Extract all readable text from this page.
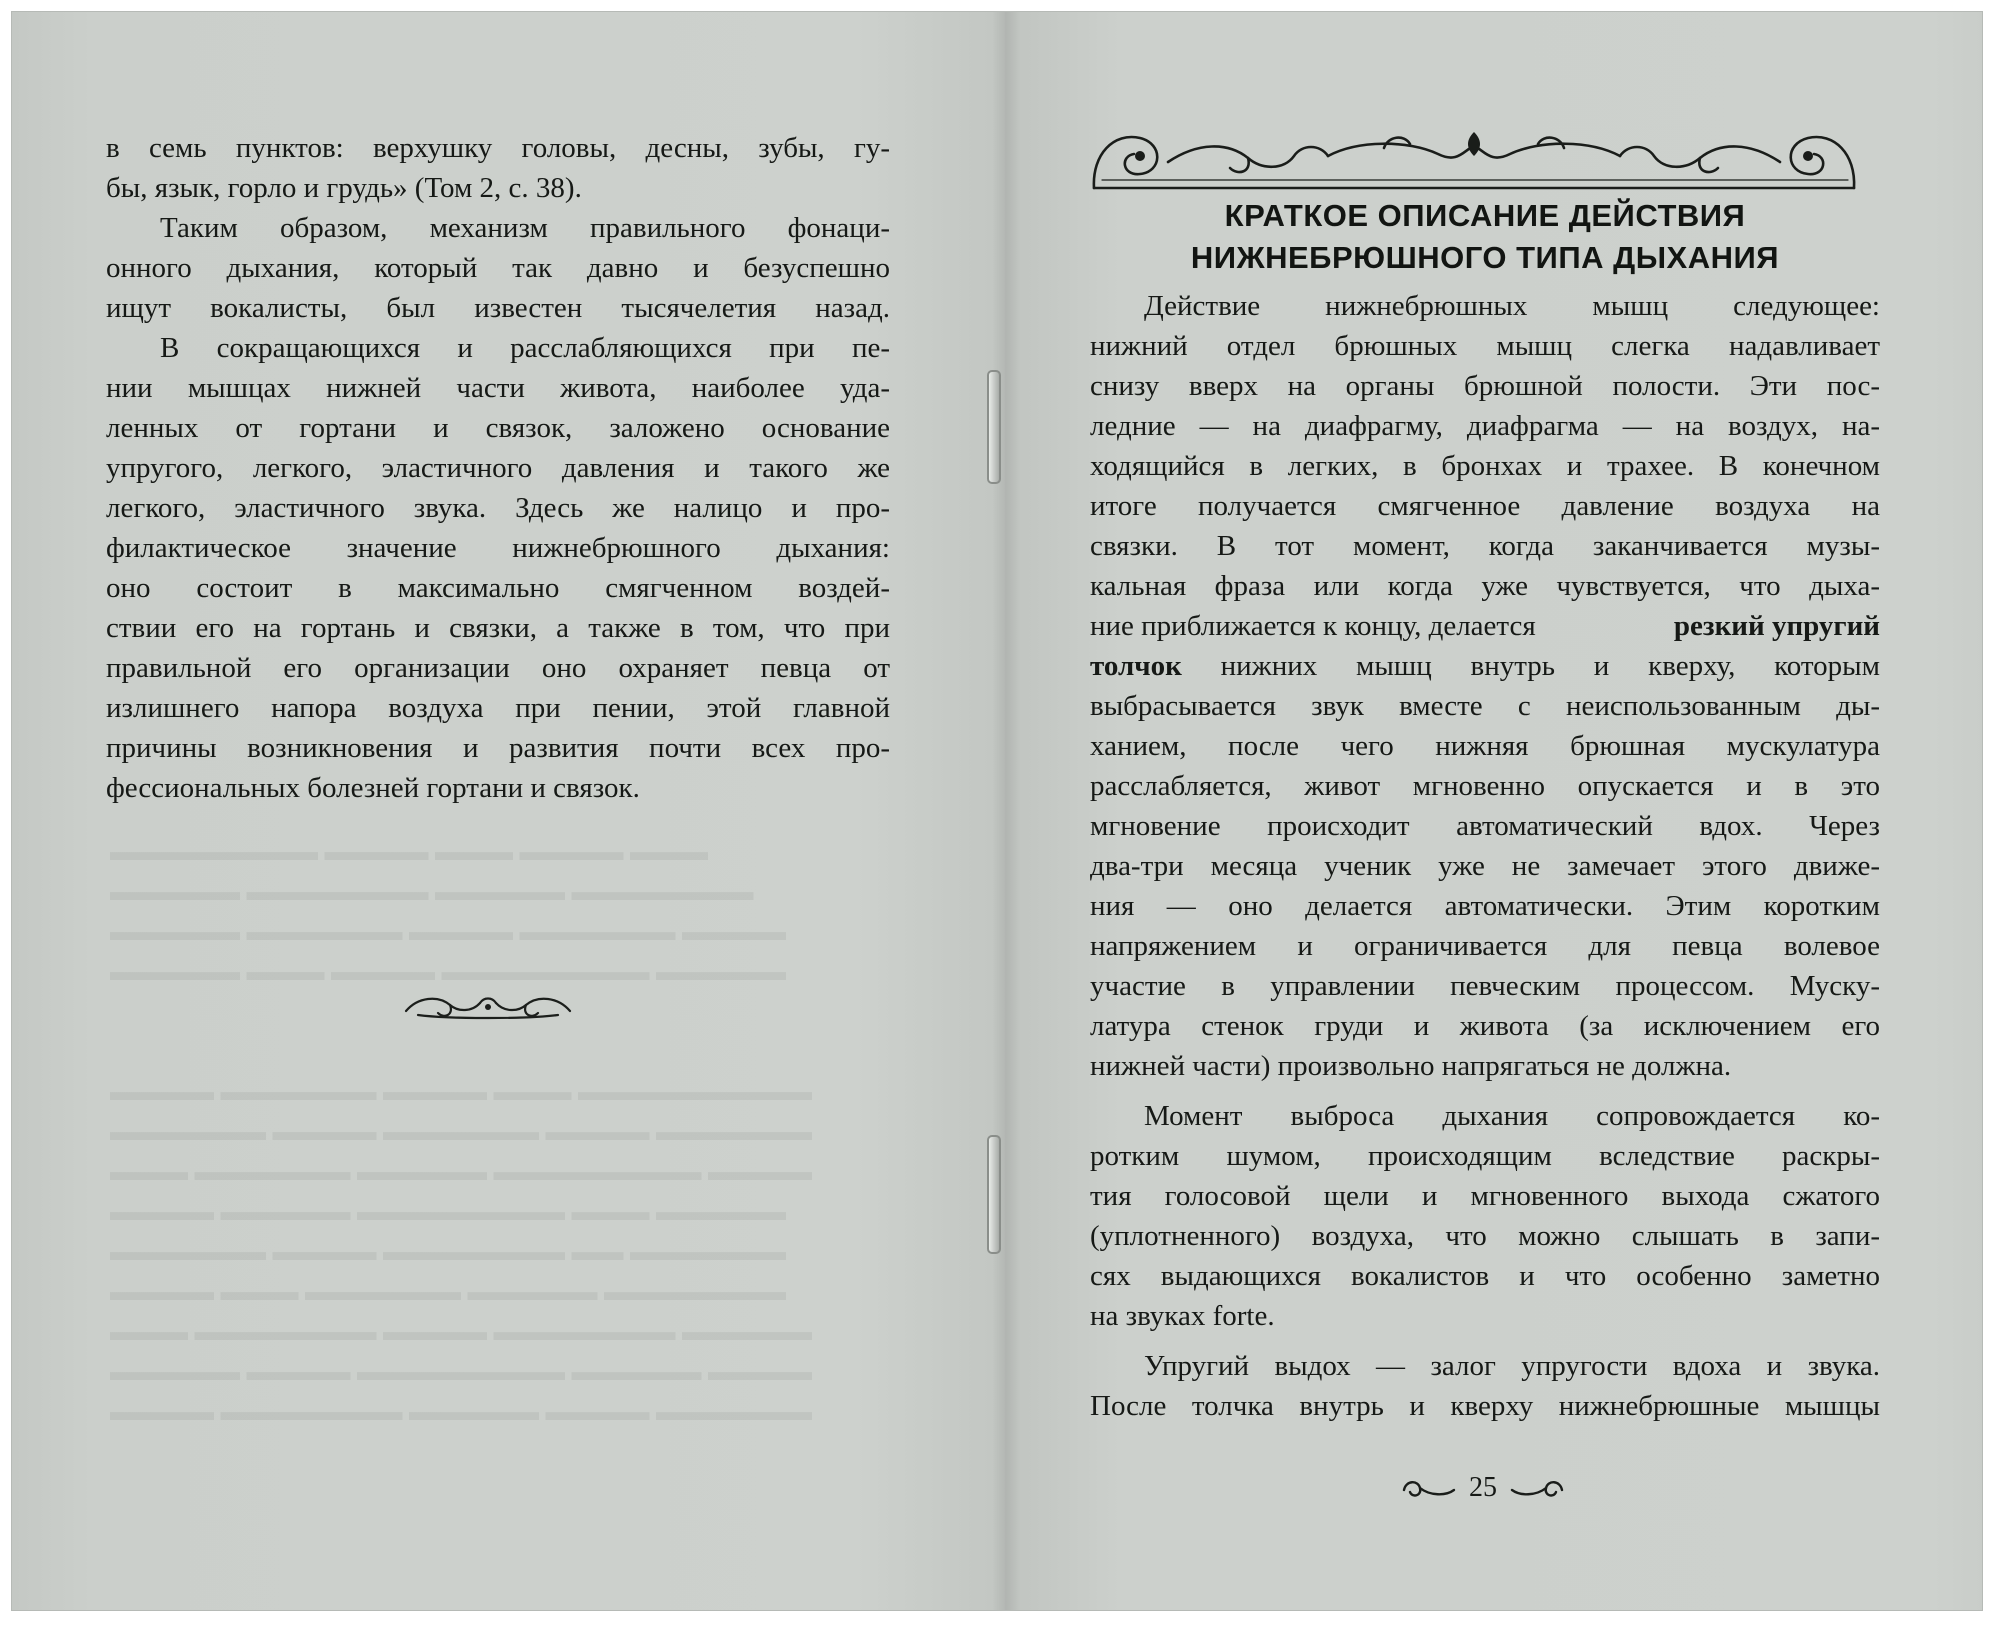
▬▬▬ ▬▬▬▬ ▬▬▬ ▬▬▬▬ ▬▬▬▬▬▬▬▬
▬▬▬▬▬▬▬ ▬▬▬▬▬ ▬▬▬▬▬▬▬ ▬▬▬▬▬
▬▬▬▬ ▬▬▬▬▬▬ ▬▬▬▬ ▬▬▬▬▬▬ ▬▬▬▬▬
▬▬▬▬▬ ▬▬▬▬▬▬▬▬ ▬▬▬▬ ▬▬▬ ▬▬▬▬▬
▬▬▬▬▬▬▬▬▬ ▬▬▬ ▬▬▬▬ ▬▬▬▬▬▬ ▬▬▬▬
▬▬▬▬▬▬ ▬▬▬▬ ▬▬▬▬▬▬ ▬▬▬▬ ▬▬▬▬▬▬
▬▬▬▬ ▬▬▬▬▬▬▬▬ ▬▬▬▬▬ ▬▬▬▬▬▬ ▬▬▬
▬▬▬▬▬ ▬▬▬ ▬▬▬▬▬▬▬▬ ▬▬▬▬▬ ▬▬▬▬
▬▬▬▬▬▬ ▬▬ ▬▬▬▬▬▬▬ ▬▬▬▬ ▬▬▬▬▬▬
▬▬▬▬▬▬▬ ▬▬▬▬▬ ▬▬▬▬▬▬ ▬▬▬ ▬▬▬▬
▬▬▬▬▬ ▬▬▬▬▬▬▬ ▬▬▬▬ ▬▬▬▬▬▬▬ ▬▬▬
▬▬▬▬ ▬▬▬▬▬ ▬▬▬▬▬▬▬▬ ▬▬▬▬ ▬▬▬▬▬
▬▬▬▬▬▬ ▬▬▬▬ ▬▬▬▬▬ ▬▬▬▬▬▬▬ ▬▬▬▬
в семь пунктов: верхушку головы, десны, зубы, гу-
бы, язык, горло и грудь» (Том 2, с. 38).
Таким образом, механизм правильного фонаци-
онного дыхания, который так давно и безуспешно
ищут вокалисты, был известен тысячелетия назад.
В сокращающихся и расслабляющихся при пе-
нии мышцах нижней части живота, наиболее уда-
ленных от гортани и связок, заложено основание
упругого, легкого, эластичного давления и такого же
легкого, эластичного звука. Здесь же налицо и про-
филактическое значение нижнебрюшного дыхания:
оно состоит в максимально смягченном воздей-
ствии его на гортань и связки, а также в том, что при
правильной его организации оно охраняет певца от
излишнего напора воздуха при пении, этой главной
причины возникновения и развития почти всех про-
фессиональных болезней гортани и связок.
КРАТКОЕ ОПИСАНИЕ ДЕЙСТВИЯ
НИЖНЕБРЮШНОГО ТИПА ДЫХАНИЯ
Действие нижнебрюшных мышц следующее:
нижний отдел брюшных мышц слегка надавливает
снизу вверх на органы брюшной полости. Эти пос-
ледние — на диафрагму, диафрагма — на воздух, на-
ходящийся в легких, в бронхах и трахее. В конечном
итоге получается смягченное давление воздуха на
связки. В тот момент, когда заканчивается музы-
кальная фраза или когда уже чувствуется, что дыха-
ние приближается к концу, делается	резкий упругий
толчок нижних мышц внутрь и кверху, которым
выбрасывается звук вместе с неиспользованным ды-
ханием, после чего нижняя брюшная мускулатура
расслабляется, живот мгновенно опускается и в это
мгновение происходит автоматический вдох. Через
два-три месяца ученик уже не замечает этого движе-
ния — оно делается автоматически. Этим коротким
напряжением и ограничивается для певца волевое
участие в управлении певческим процессом. Муску-
латура стенок груди и живота (за исключением его
нижней части) произвольно напрягаться не должна.
Момент выброса дыхания сопровождается ко-
ротким шумом, происходящим вследствие раскры-
тия голосовой щели и мгновенного выхода сжатого
(уплотненного) воздуха, что можно слышать в запи-
сях выдающихся вокалистов и что особенно заметно
на звуках forte.
Упругий выдох — залог упругости вдоха и звука.
После толчка внутрь и кверху нижнебрюшные мышцы
25
